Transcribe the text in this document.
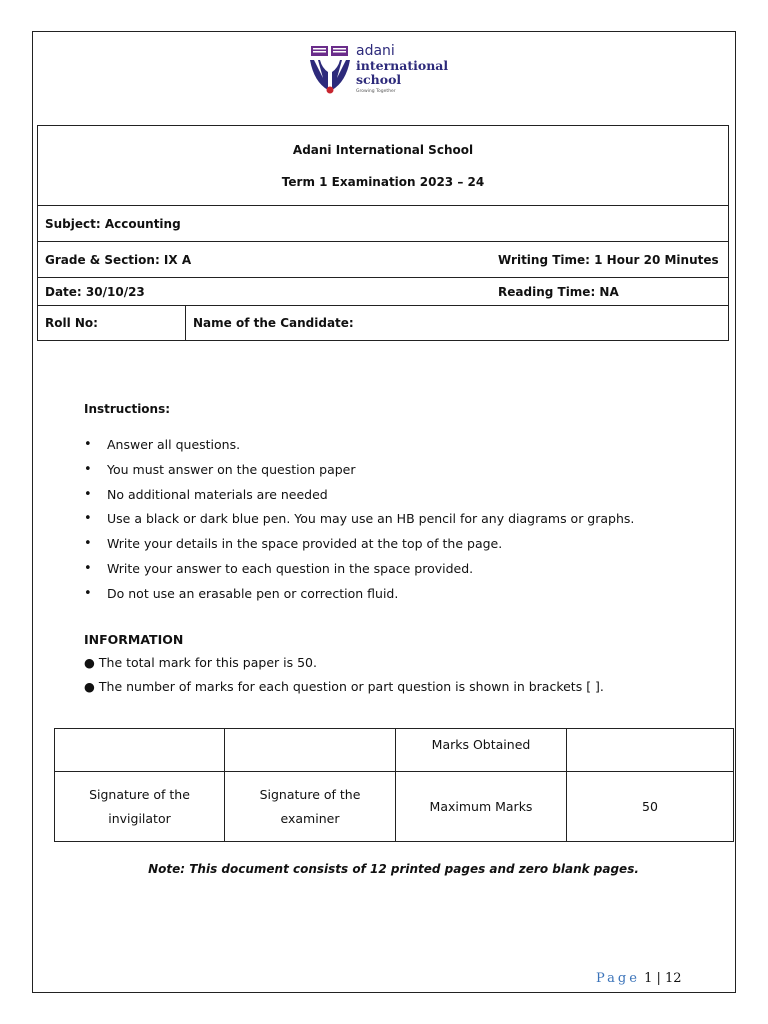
adani
international
school
Growing Together
Adani International School
Term 1 Examination 2023 – 24

Subject: Accounting

Grade & Section: IX A	Writing Time: 1 Hour 20 Minutes

Date: 30/10/23	Reading Time: NA

Roll No:	Name of the Candidate:
Instructions:
• Answer all questions.
• You must answer on the question paper
• No additional materials are needed
• Use a black or dark blue pen. You may use an HB pencil for any diagrams or graphs.
• Write your details in the space provided at the top of the page.
• Write your answer to each question in the space provided.
• Do not use an erasable pen or correction fluid.
INFORMATION
● The total mark for this paper is 50.
● The number of marks for each question or part question is shown in brackets [ ].
		Marks Obtained	
Signature of the invigilator	Signature of the examiner	Maximum Marks	50
Note: This document consists of 12 printed pages and zero blank pages.
Page 1 | 12
